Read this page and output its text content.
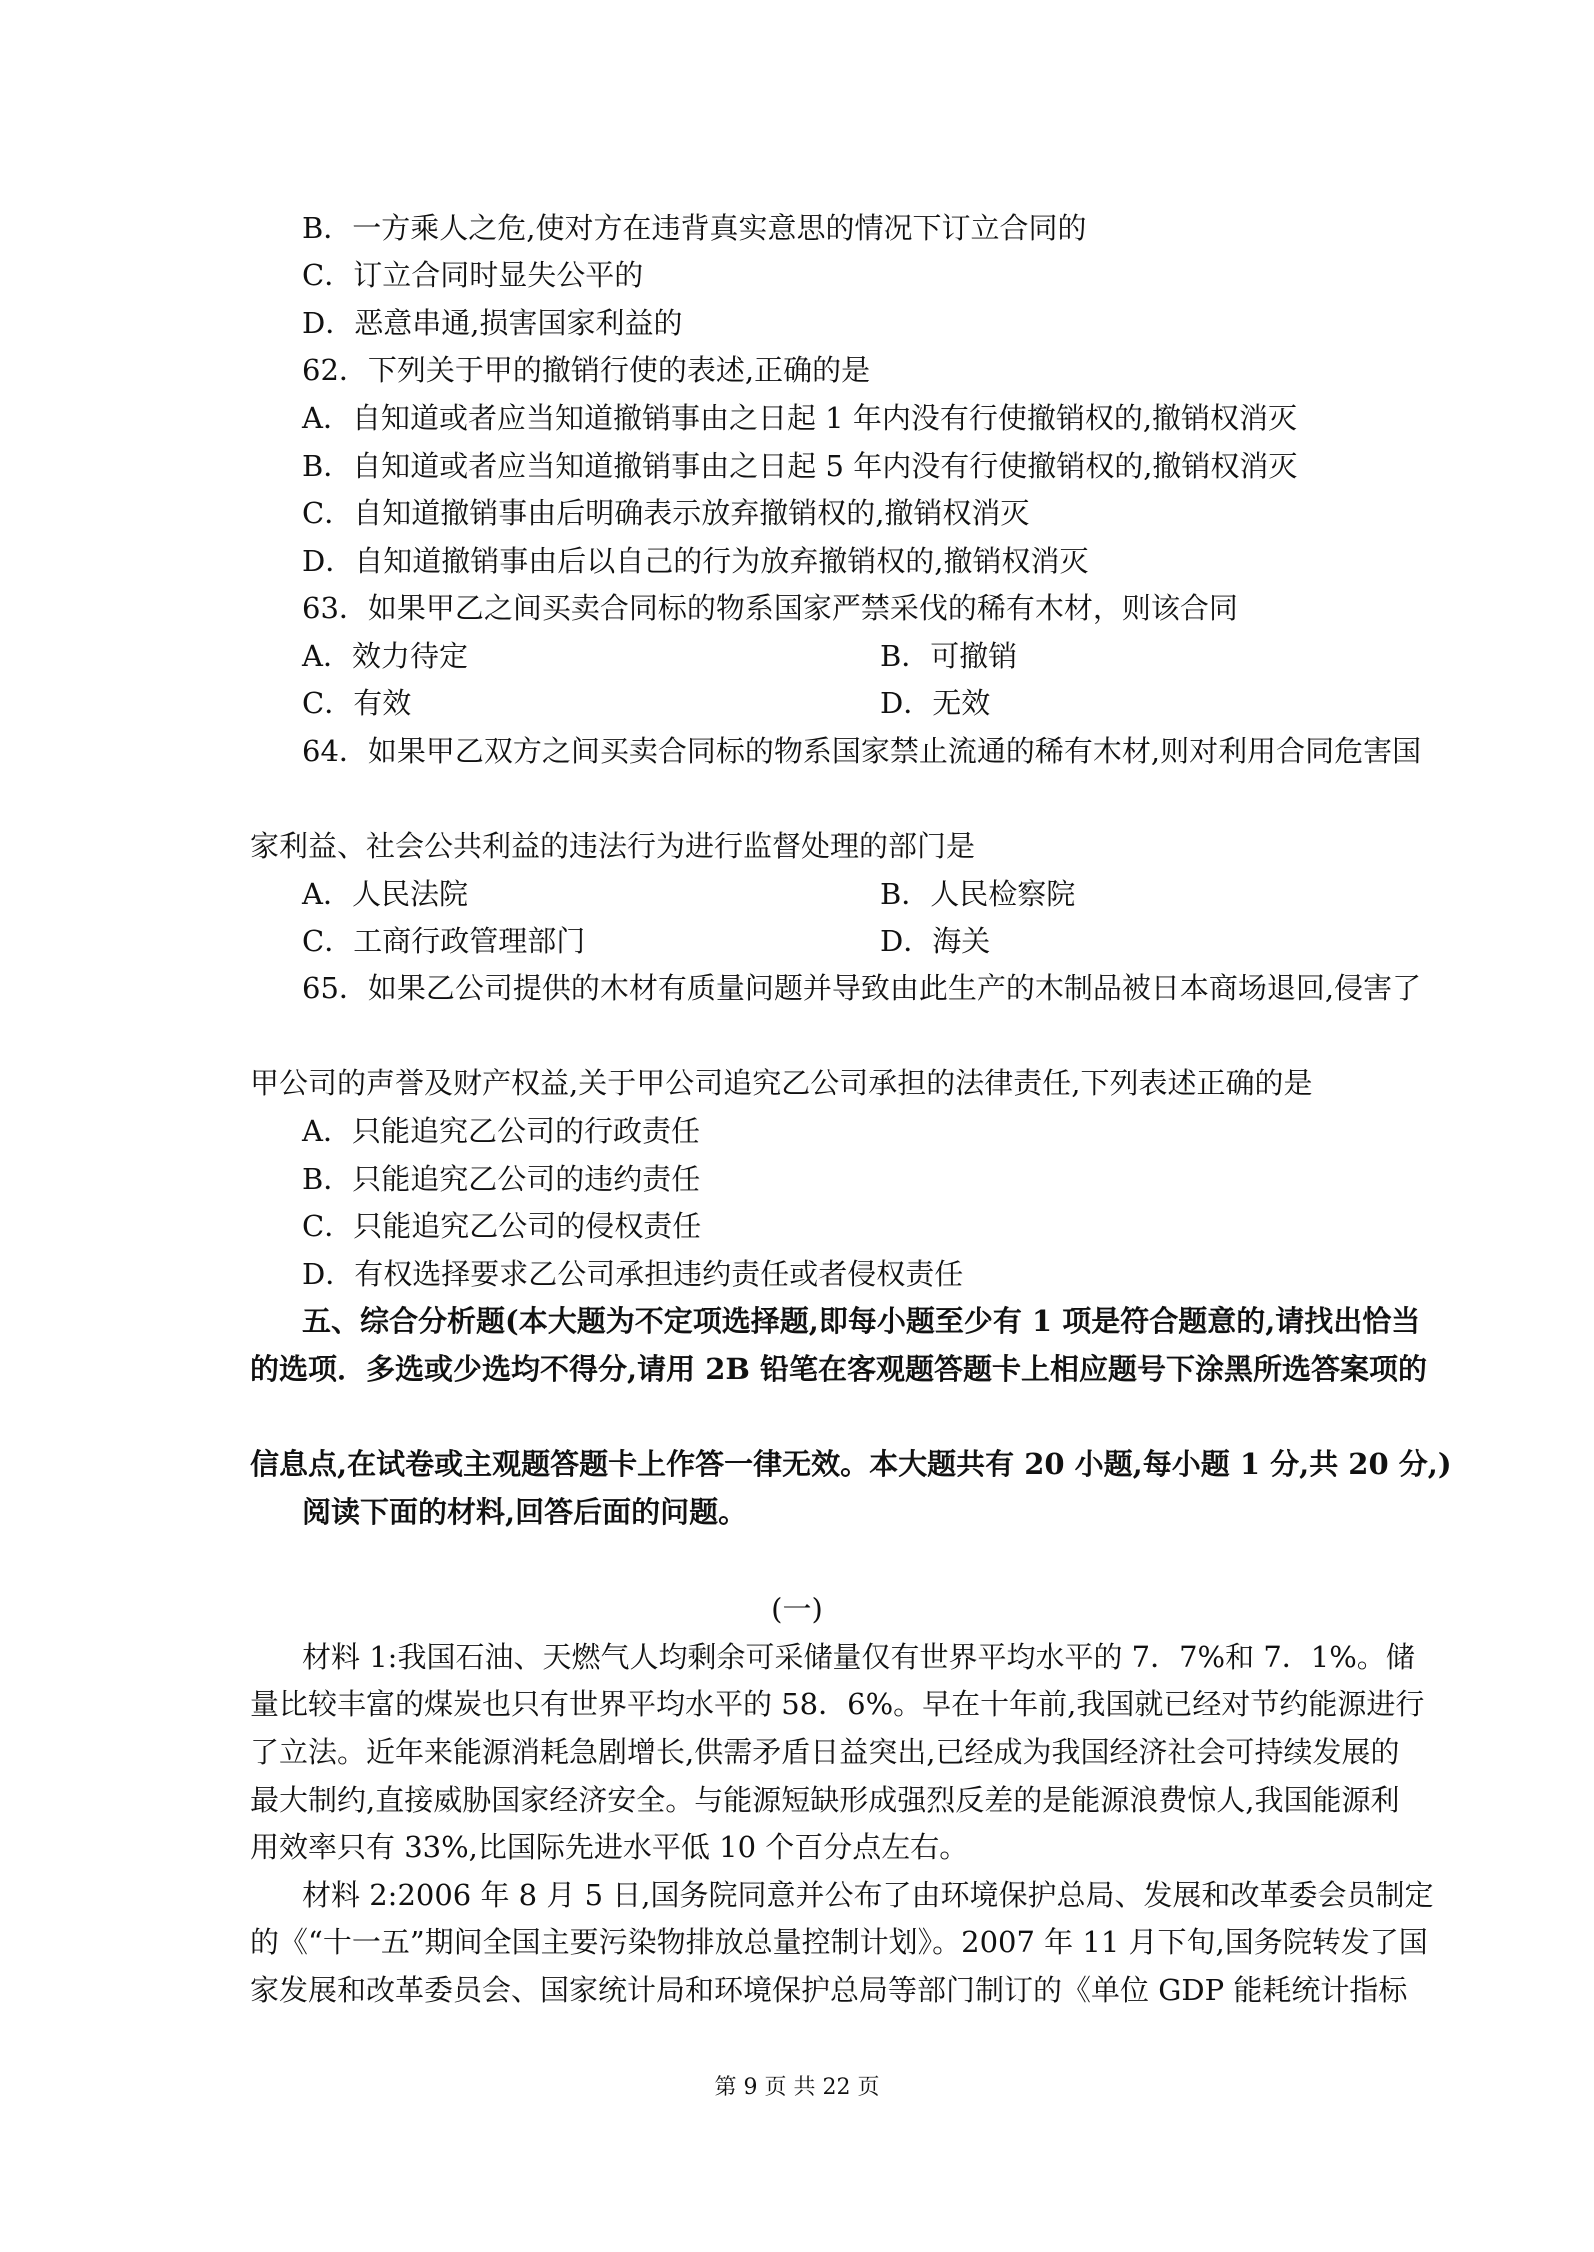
B．一方乘人之危,使对方在违背真实意思的情况下订立合同的
C．订立合同时显失公平的
D．恶意串通,损害国家利益的
62．下列关于甲的撤销行使的表述,正确的是
A．自知道或者应当知道撤销事由之日起 1 年内没有行使撤销权的,撤销权消灭
B．自知道或者应当知道撤销事由之日起 5 年内没有行使撤销权的,撤销权消灭
C．自知道撤销事由后明确表示放弃撤销权的,撤销权消灭
D．自知道撤销事由后以自己的行为放弃撤销权的,撤销权消灭
63．如果甲乙之间买卖合同标的物系国家严禁采伐的稀有木材，则该合同
A．效力待定	B．可撤销
C．有效	D．无效
64．如果甲乙双方之间买卖合同标的物系国家禁止流通的稀有木材,则对利用合同危害国
家利益、社会公共利益的违法行为进行监督处理的部门是
A．人民法院	B．人民检察院
C．工商行政管理部门	D．海关
65．如果乙公司提供的木材有质量问题并导致由此生产的木制品被日本商场退回,侵害了
甲公司的声誉及财产权益,关于甲公司追究乙公司承担的法律责任,下列表述正确的是
A．只能追究乙公司的行政责任
B．只能追究乙公司的违约责任
C．只能追究乙公司的侵权责任
D．有权选择要求乙公司承担违约责任或者侵权责任
五、综合分析题(本大题为不定项选择题,即每小题至少有 1 项是符合题意的,请找出恰当
的选项．多选或少选均不得分,请用 2B 铅笔在客观题答题卡上相应题号下涂黑所选答案项的
信息点,在试卷或主观题答题卡上作答一律无效。本大题共有 20 小题,每小题 1 分,共 20 分,)
阅读下面的材料,回答后面的问题。
(一)
材料 1:我国石油、天燃气人均剩余可采储量仅有世界平均水平的 7．7%和 7．1%。储
量比较丰富的煤炭也只有世界平均水平的 58．6%。早在十年前,我国就已经对节约能源进行
了立法。近年来能源消耗急剧增长,供需矛盾日益突出,已经成为我国经济社会可持续发展的
最大制约,直接威胁国家经济安全。与能源短缺形成强烈反差的是能源浪费惊人,我国能源利
用效率只有 33%,比国际先进水平低 10 个百分点左右。
材料 2:2006 年 8 月 5 日,国务院同意并公布了由环境保护总局、发展和改革委会员制定
的《“十一五”期间全国主要污染物排放总量控制计划》。2007 年 11 月下旬,国务院转发了国
家发展和改革委员会、国家统计局和环境保护总局等部门制订的《单位 GDP 能耗统计指标
第 9 页 共 22 页
